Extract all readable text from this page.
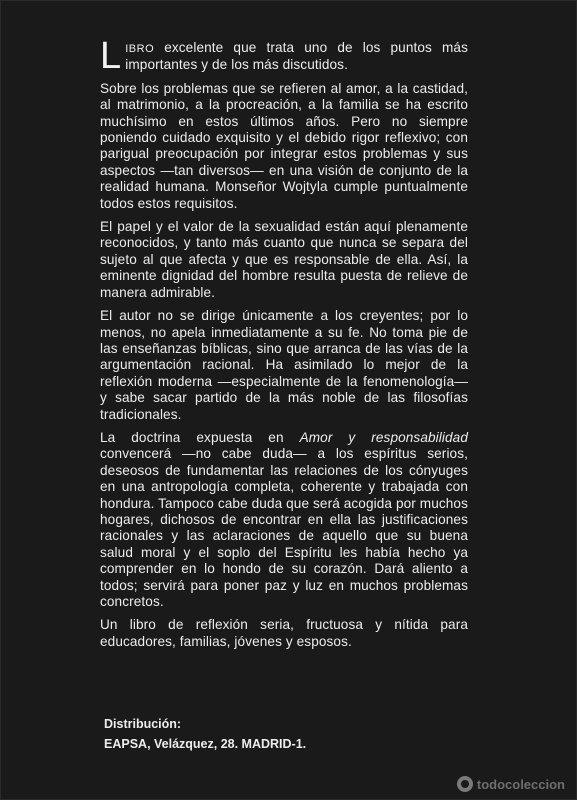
LIBRO excelente que trata uno de los puntos más importantes y de los más discutidos.

Sobre los problemas que se refieren al amor, a la castidad, al matrimonio, a la procreación, a la familia se ha escrito muchísimo en estos últimos años. Pero no siempre poniendo cuidado exquisito y el debido rigor reflexivo; con parigual preocupación por integrar estos problemas y sus aspectos —tan diversos— en una visión de conjunto de la realidad humana. Monseñor Wojtyla cumple puntualmente todos estos requisitos.

El papel y el valor de la sexualidad están aquí plenamente reconocidos, y tanto más cuanto que nunca se separa del sujeto al que afecta y que es responsable de ella. Así, la eminente dignidad del hombre resulta puesta de relieve de manera admirable.

El autor no se dirige únicamente a los creyentes; por lo menos, no apela inmediatamente a su fe. No toma pie de las enseñanzas bíblicas, sino que arranca de las vías de la argumentación racional. Ha asimilado lo mejor de la reflexión moderna —especialmente de la fenomenología— y sabe sacar partido de la más noble de las filosofías tradicionales.

La doctrina expuesta en Amor y responsabilidad convencerá —no cabe duda— a los espíritus serios, deseosos de fundamentar las relaciones de los cónyuges en una antropología completa, coherente y trabajada con hondura. Tampoco cabe duda que será acogida por muchos hogares, dichosos de encontrar en ella las justificaciones racionales y las aclaraciones de aquello que su buena salud moral y el soplo del Espíritu les había hecho ya comprender en lo hondo de su corazón. Dará aliento a todos; servirá para poner paz y luz en muchos problemas concretos.

Un libro de reflexión seria, fructuosa y nítida para educadores, familias, jóvenes y esposos.

Distribución:
EAPSA, Velázquez, 28. MADRID-1.
todocoleccion
